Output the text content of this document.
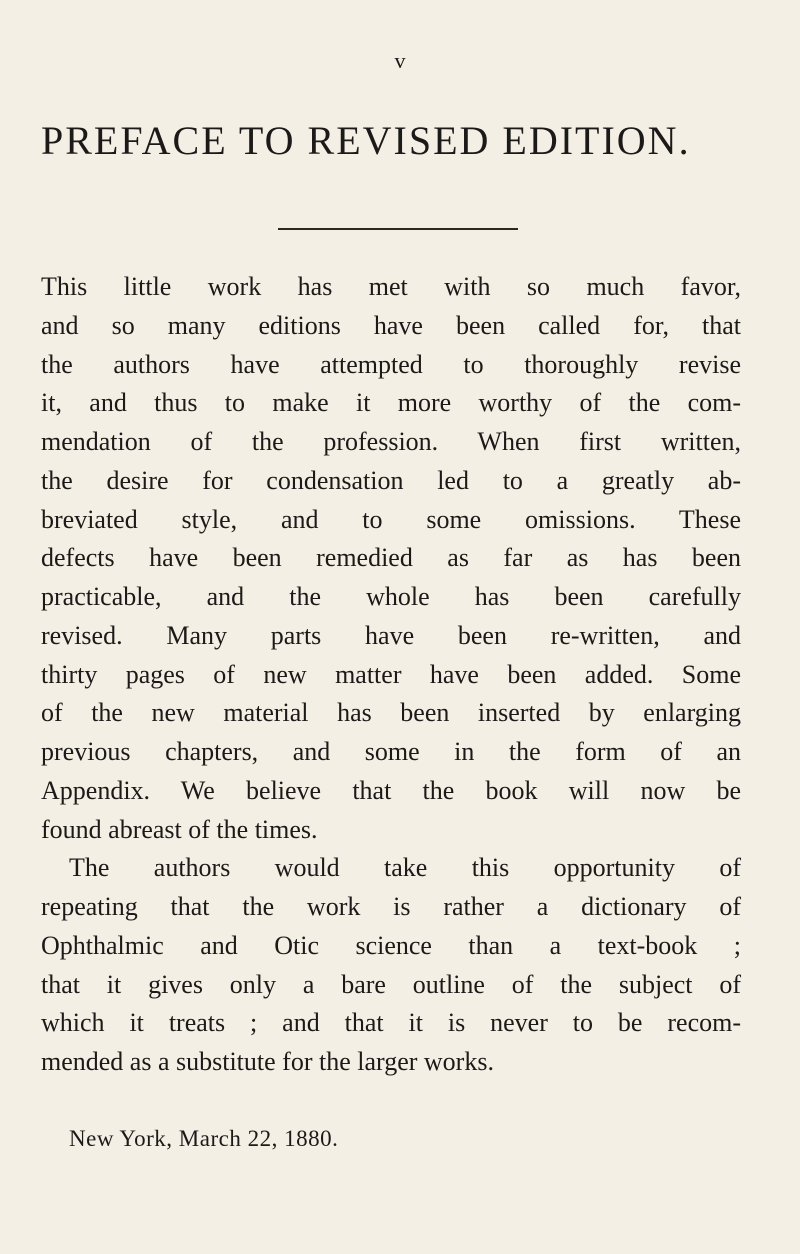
v
PREFACE TO REVISED EDITION.
This little work has met with so much favor,
and so many editions have been called for, that
the authors have attempted to thoroughly revise
it, and thus to make it more worthy of the com-
mendation of the profession. When first written,
the desire for condensation led to a greatly ab-
breviated style, and to some omissions. These
defects have been remedied as far as has been
practicable, and the whole has been carefully
revised. Many parts have been re-written, and
thirty pages of new matter have been added. Some
of the new material has been inserted by enlarging
previous chapters, and some in the form of an
Appendix. We believe that the book will now be
found abreast of the times.
The authors would take this opportunity of
repeating that the work is rather a dictionary of
Ophthalmic and Otic science than a text-book ;
that it gives only a bare outline of the subject of
which it treats ; and that it is never to be recom-
mended as a substitute for the larger works.
New York, March 22, 1880.
